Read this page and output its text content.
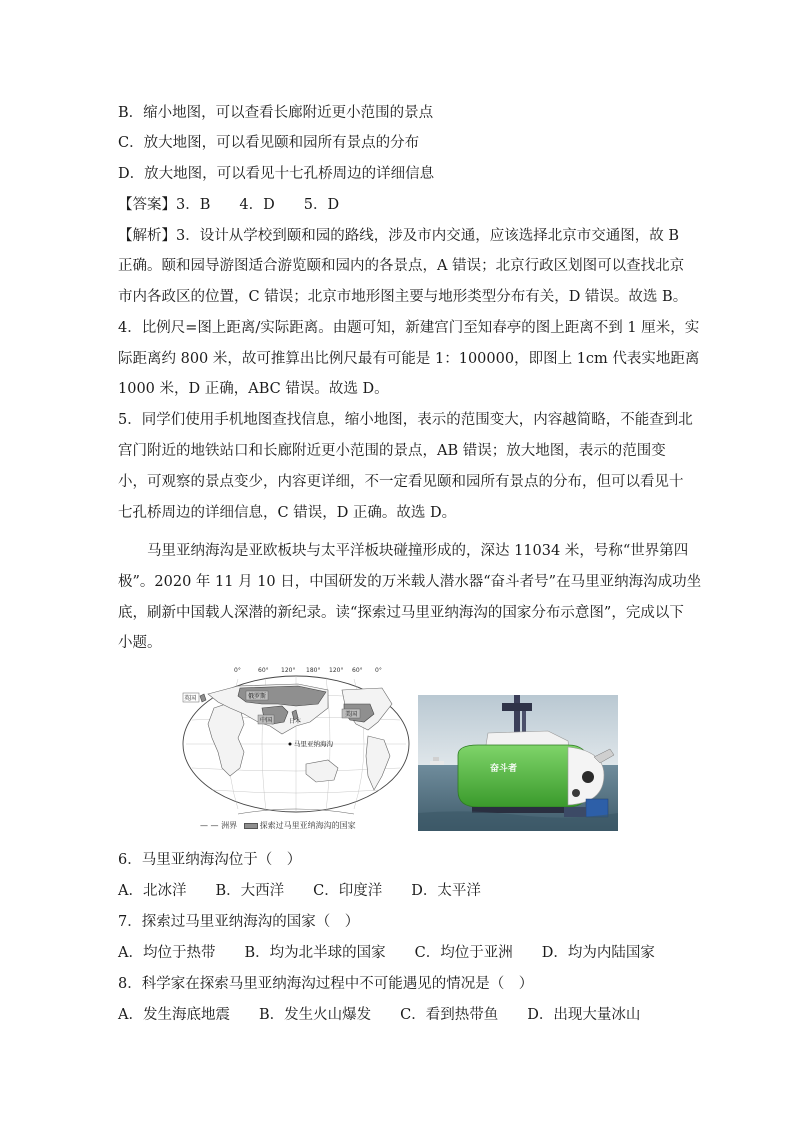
B．缩小地图，可以查看长廊附近更小范围的景点
C．放大地图，可以看见颐和园所有景点的分布
D．放大地图，可以看见十七孔桥周边的详细信息
【答案】3．B　　4．D　　5．D
【解析】3．设计从学校到颐和园的路线，涉及市内交通，应该选择北京市交通图，故 B
正确。颐和园导游图适合游览颐和园内的各景点，A 错误；北京行政区划图可以查找北京
市内各政区的位置，C 错误；北京市地形图主要与地形类型分布有关，D 错误。故选 B。
4．比例尺=图上距离/实际距离。由题可知，新建宫门至知春亭的图上距离不到 1 厘米，实
际距离约 800 米，故可推算出比例尺最有可能是 1：100000，即图上 1cm 代表实地距离
1000 米，D 正确，ABC 错误。故选 D。
5．同学们使用手机地图查找信息，缩小地图，表示的范围变大，内容越简略，不能查到北
宫门附近的地铁站口和长廊附近更小范围的景点，AB 错误；放大地图，表示的范围变
小，可观察的景点变少，内容更详细，不一定看见颐和园所有景点的分布，但可以看见十
七孔桥周边的详细信息，C 错误，D 正确。故选 D。
　　马里亚纳海沟是亚欧板块与太平洋板块碰撞形成的，深达 11034 米，号称“世界第四
极”。2020 年 11 月 10 日，中国研发的万米载人潜水器“奋斗者号”在马里亚纳海沟成功坐
底，刷新中国载人深潜的新纪录。读“探索过马里亚纳海沟的国家分布示意图”，完成以下
小题。
0°	60° 120° 180° 120° 60° 0°
英国	俄罗斯
中国	日本
美国
马里亚纳海沟
— — 洲界	探索过马里亚纳海沟的国家
奋斗者
6．马里亚纳海沟位于（　）
A．北冰洋　　B．大西洋　　C．印度洋　　D．太平洋
7．探索过马里亚纳海沟的国家（　）
A．均位于热带　　B．均为北半球的国家　　C．均位于亚洲　　D．均为内陆国家
8．科学家在探索马里亚纳海沟过程中不可能遇见的情况是（　）
A．发生海底地震　　B．发生火山爆发　　C．看到热带鱼　　D．出现大量冰山
